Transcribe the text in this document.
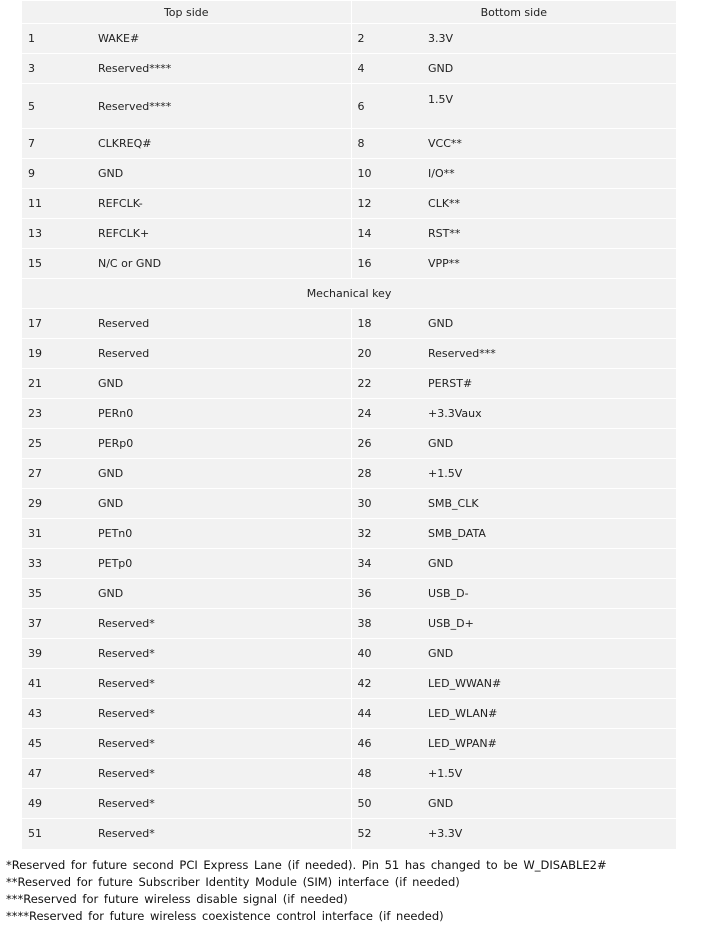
Top side		Bottom side	
1	WAKE#	2	3.3V
3	Reserved****	4	GND
5	Reserved****	6	1.5V
7	CLKREQ#	8	VCC**
9	GND	10	I/O**
11	REFCLK-	12	CLK**
13	REFCLK+	14	RST**
15	N/C or GND	16	VPP**
Mechanical key			
17	Reserved	18	GND
19	Reserved	20	Reserved***
21	GND	22	PERST#
23	PERn0	24	+3.3Vaux
25	PERp0	26	GND
27	GND	28	+1.5V
29	GND	30	SMB_CLK
31	PETn0	32	SMB_DATA
33	PETp0	34	GND
35	GND	36	USB_D-
37	Reserved*	38	USB_D+
39	Reserved*	40	GND
41	Reserved*	42	LED_WWAN#
43	Reserved*	44	LED_WLAN#
45	Reserved*	46	LED_WPAN#
47	Reserved*	48	+1.5V
49	Reserved*	50	GND
51	Reserved*	52	+3.3V
*Reserved for future second PCI Express Lane (if needed). Pin 51 has changed to be W_DISABLE2#
**Reserved for future Subscriber Identity Module (SIM) interface (if needed)
***Reserved for future wireless disable signal (if needed)
****Reserved for future wireless coexistence control interface (if needed)
